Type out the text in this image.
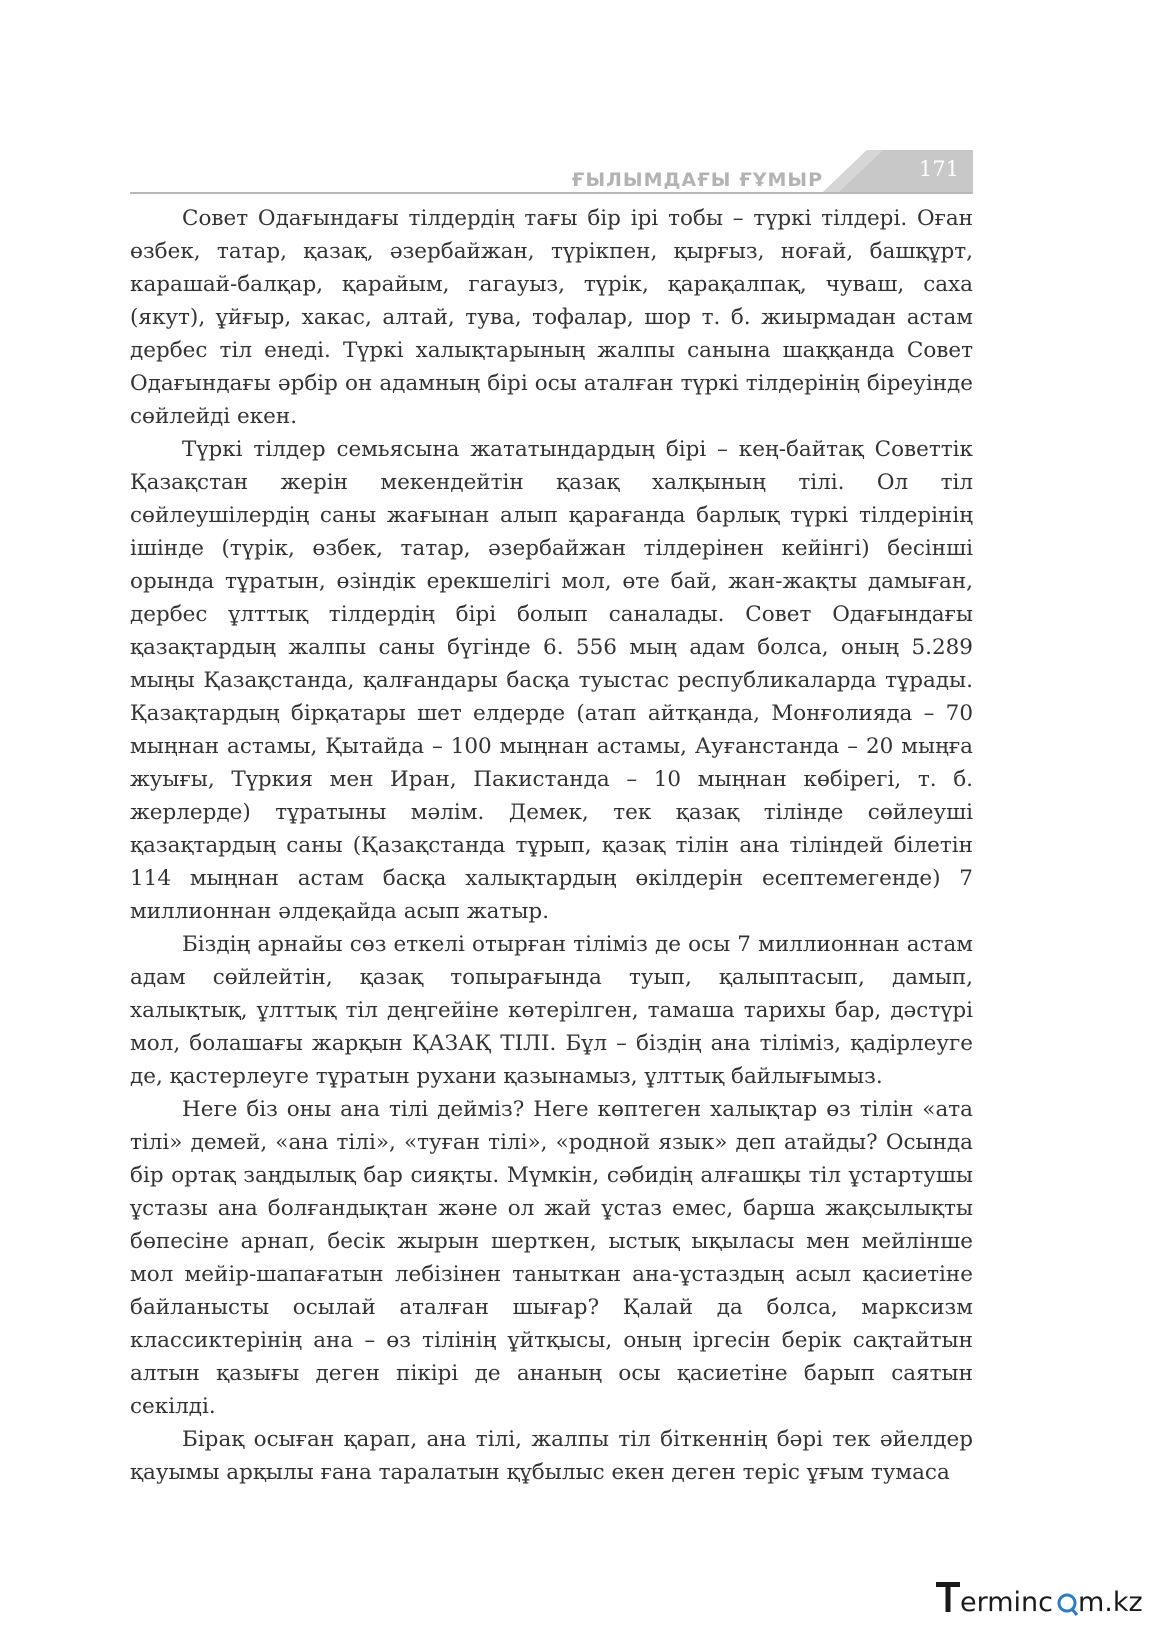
ҒЫЛЫМДАҒЫ ҒҰМЫР	171

Совет Одағындағы тілдердің тағы бір ірі тобы – түркі тілдері. Оған өзбек, татар, қазақ, әзербайжан, түрікпен, қырғыз, ноғай, башқұрт, карашай-балқар, қарайым, гагауыз, түрік, қарақалпақ, чуваш, саха (якут), ұйғыр, хакас, алтай, тува, тофалар, шор т. б. жиырмадан астам дербес тіл енеді. Түркі халықтарының жалпы санына шаққанда Совет Одағындағы әрбір он адамның бірі осы аталған түркі тілдерінің біреуінде сөйлейді екен.

Түркі тілдер семьясына жататындардың бірі – кең-байтақ Советтік Қазақстан жерін мекендейтін қазақ халқының тілі. Ол тіл сөйлеушілердің саны жағынан алып қарағанда барлық түркі тілдерінің ішінде (түрік, өзбек, татар, әзербайжан тілдерінен кейінгі) бесінші орында тұратын, өзіндік ерекшелігі мол, өте бай, жан-жақты дамыған, дербес ұлттық тілдердің бірі болып саналады. Совет Одағындағы қазақтардың жалпы саны бүгінде 6. 556 мың адам болса, оның 5.289 мыңы Қазақстанда, қалғандары басқа туыстас республикаларда тұрады. Қазақтардың бірқатары шет елдерде (атап айтқанда, Монғолияда – 70 мыңнан астамы, Қытайда – 100 мыңнан астамы, Ауғанстанда – 20 мыңға жуығы, Түркия мен Иран, Пакистанда – 10 мыңнан көбірегі, т. б. жерлерде) тұратыны мәлім. Демек, тек қазақ тілінде сөйлеуші қазақтардың саны (Қазақстанда тұрып, қазақ тілін ана тіліндей білетін 114 мыңнан астам басқа халықтардың өкілдерін есептемегенде) 7 миллионнан әлдеқайда асып жатыр.

Біздің арнайы сөз еткелі отырған тіліміз де осы 7 миллионнан астам адам сөйлейтін, қазақ топырағында туып, қалыптасып, дамып, халықтық, ұлттық тіл деңгейіне көтерілген, тамаша тарихы бар, дәстүрі мол, болашағы жарқын ҚАЗАҚ ТІЛІ. Бұл – біздің ана тіліміз, қадірлеуге де, қастерлеуге тұратын рухани қазынамыз, ұлттық байлығымыз.

Неге біз оны ана тілі дейміз? Неге көптеген халықтар өз тілін «ата тілі» демей, «ана тілі», «туған тілі», «родной язык» деп атайды? Осында бір ортақ заңдылық бар сияқты. Мүмкін, сәбидің алғашқы тіл ұстартушы ұстазы ана болғандықтан және ол жай ұстаз емес, барша жақсылықты бөпесіне арнап, бесік жырын шерткен, ыстық ықыласы мен мейлінше мол мейір-шапағатын лебізінен таныткан ана-ұстаздың асыл қасиетіне байланысты осылай аталған шығар? Қалай да болса, марксизм классиктерінің ана – өз тілінің ұйтқысы, оның іргесін берік сақтайтын алтын қазығы деген пікірі де ананың осы қасиетіне барып саятын секілді.

Бірақ осыған қарап, ана тілі, жалпы тіл біткеннің бәрі тек әйелдер қауымы арқылы ғана таралатын құбылыс екен деген теріс ұғым тумаса

erminc m.kz
